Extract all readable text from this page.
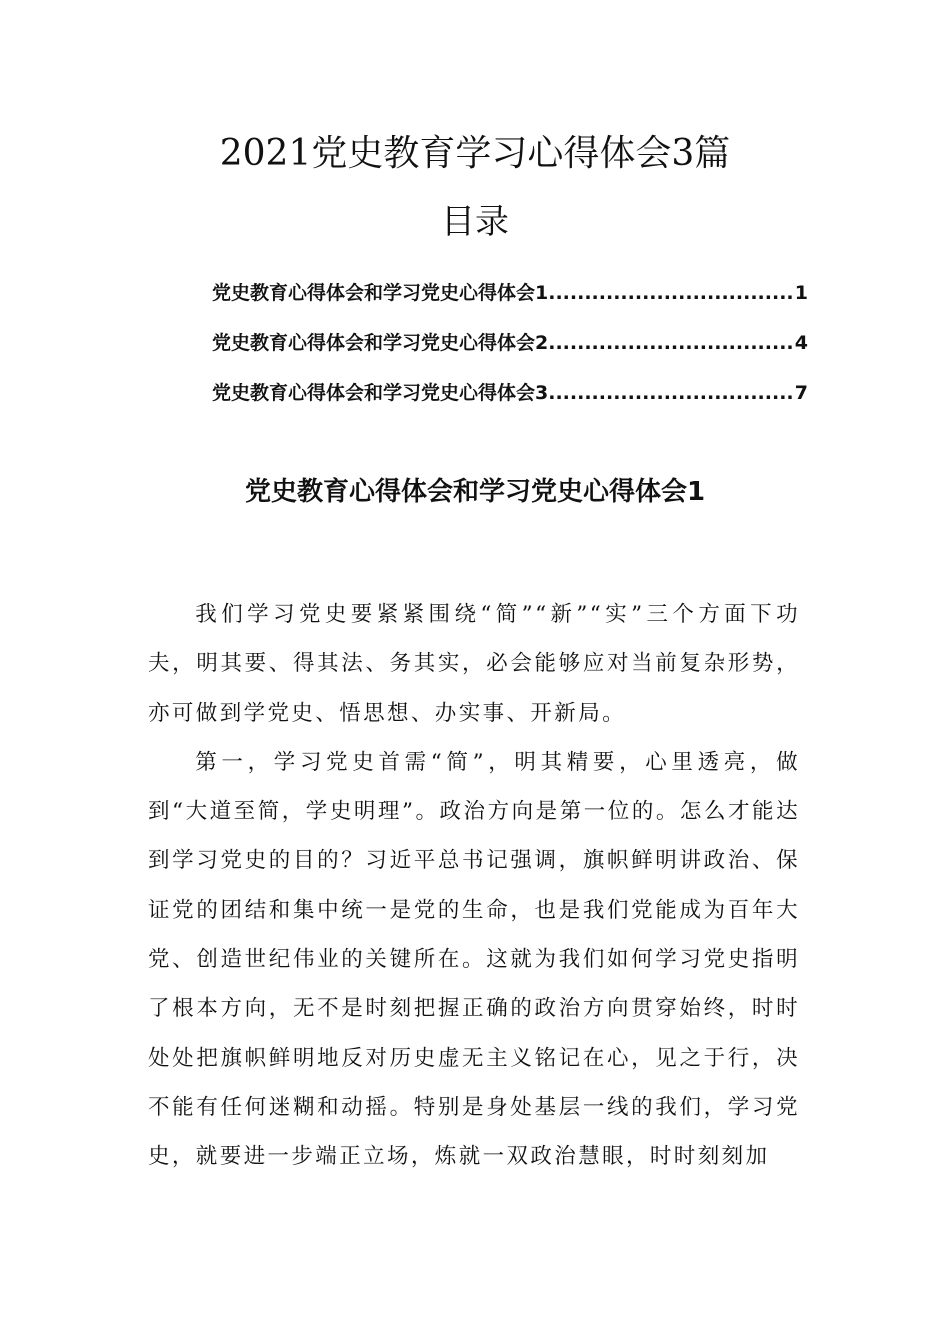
2021党史教育学习心得体会3篇
目录
党史教育心得体会和学习党史心得体会1 .....	1
党史教育心得体会和学习党史心得体会2 .....	4
党史教育心得体会和学习党史心得体会3 .....	7
党史教育心得体会和学习党史心得体会1

我们学习党史要紧紧围绕“简”“新”“实”三个方面下功夫，明其要、得其法、务其实，必会能够应对当前复杂形势，亦可做到学党史、悟思想、办实事、开新局。

第一，学习党史首需“简”，明其精要，心里透亮，做到“大道至简，学史明理”。政治方向是第一位的。怎么才能达到学习党史的目的？习近平总书记强调，旗帜鲜明讲政治、保证党的团结和集中统一是党的生命，也是我们党能成为百年大党、创造世纪伟业的关键所在。这就为我们如何学习党史指明了根本方向，无不是时刻把握正确的政治方向贯穿始终，时时处处把旗帜鲜明地反对历史虚无主义铭记在心，见之于行，决不能有任何迷糊和动摇。特别是身处基层一线的我们，学习党史，就要进一步端正立场，炼就一双政治慧眼，时时刻刻加
